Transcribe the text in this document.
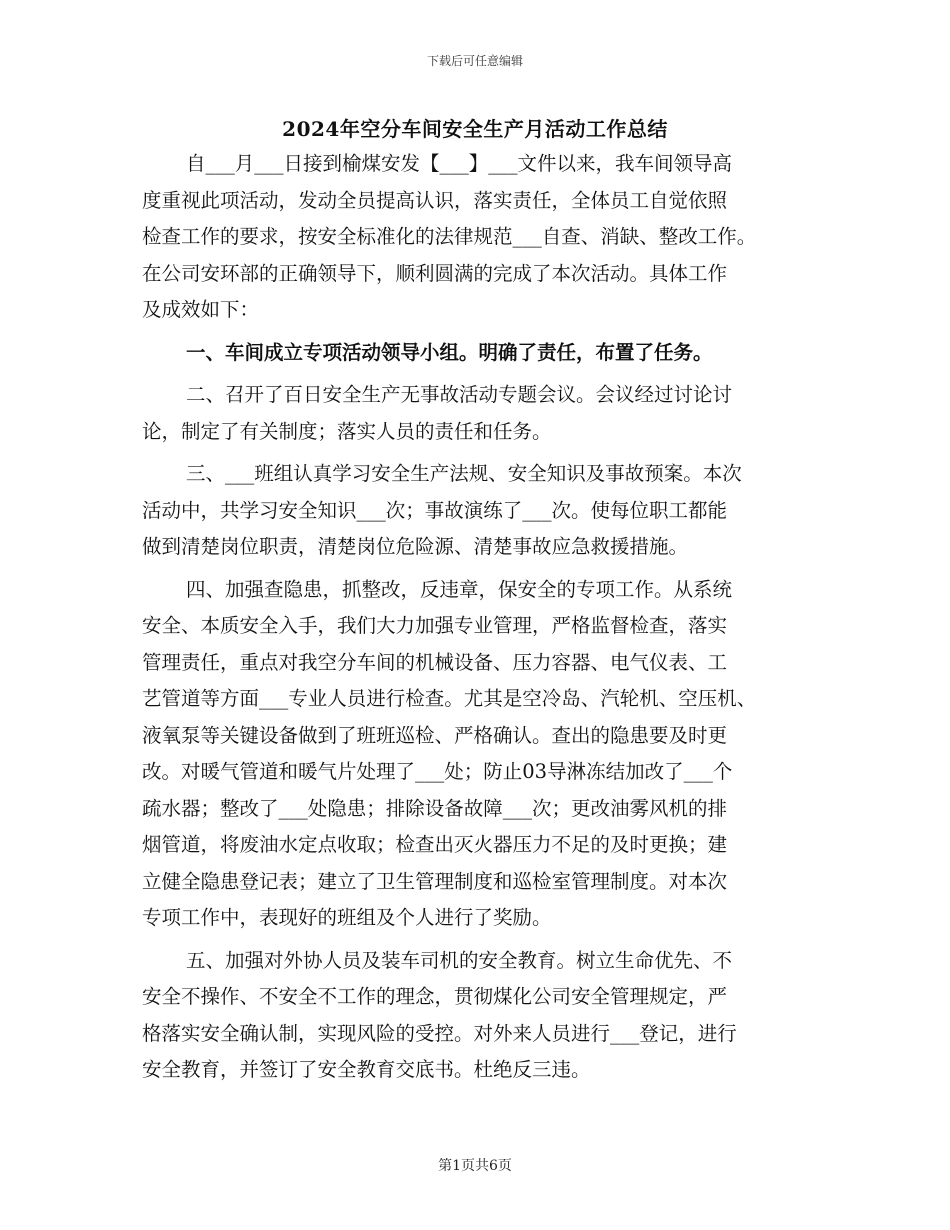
下载后可任意编辑
2024年空分车间安全生产月活动工作总结
自___月___日接到榆煤安发【___】___文件以来，我车间领导高
度重视此项活动，发动全员提高认识，落实责任，全体员工自觉依照
检查工作的要求，按安全标准化的法律规范___自查、消缺、整改工作。
在公司安环部的正确领导下，顺利圆满的完成了本次活动。具体工作
及成效如下：
一、车间成立专项活动领导小组。明确了责任，布置了任务。
二、召开了百日安全生产无事故活动专题会议。会议经过讨论讨
论，制定了有关制度；落实人员的责任和任务。
三、___班组认真学习安全生产法规、安全知识及事故预案。本次
活动中，共学习安全知识___次；事故演练了___次。使每位职工都能
做到清楚岗位职责，清楚岗位危险源、清楚事故应急救援措施。
四、加强查隐患，抓整改，反违章，保安全的专项工作。从系统
安全、本质安全入手，我们大力加强专业管理，严格监督检查，落实
管理责任，重点对我空分车间的机械设备、压力容器、电气仪表、工
艺管道等方面___专业人员进行检查。尤其是空冷岛、汽轮机、空压机、
液氧泵等关键设备做到了班班巡检、严格确认。查出的隐患要及时更
改。对暖气管道和暖气片处理了___处；防止03导淋冻结加改了___个
疏水器；整改了___处隐患；排除设备故障___次；更改油雾风机的排
烟管道，将废油水定点收取；检查出灭火器压力不足的及时更换；建
立健全隐患登记表；建立了卫生管理制度和巡检室管理制度。对本次
专项工作中，表现好的班组及个人进行了奖励。
五、加强对外协人员及装车司机的安全教育。树立生命优先、不
安全不操作、不安全不工作的理念，贯彻煤化公司安全管理规定，严
格落实安全确认制，实现风险的受控。对外来人员进行___登记，进行
安全教育，并签订了安全教育交底书。杜绝反三违。
第1页共6页
